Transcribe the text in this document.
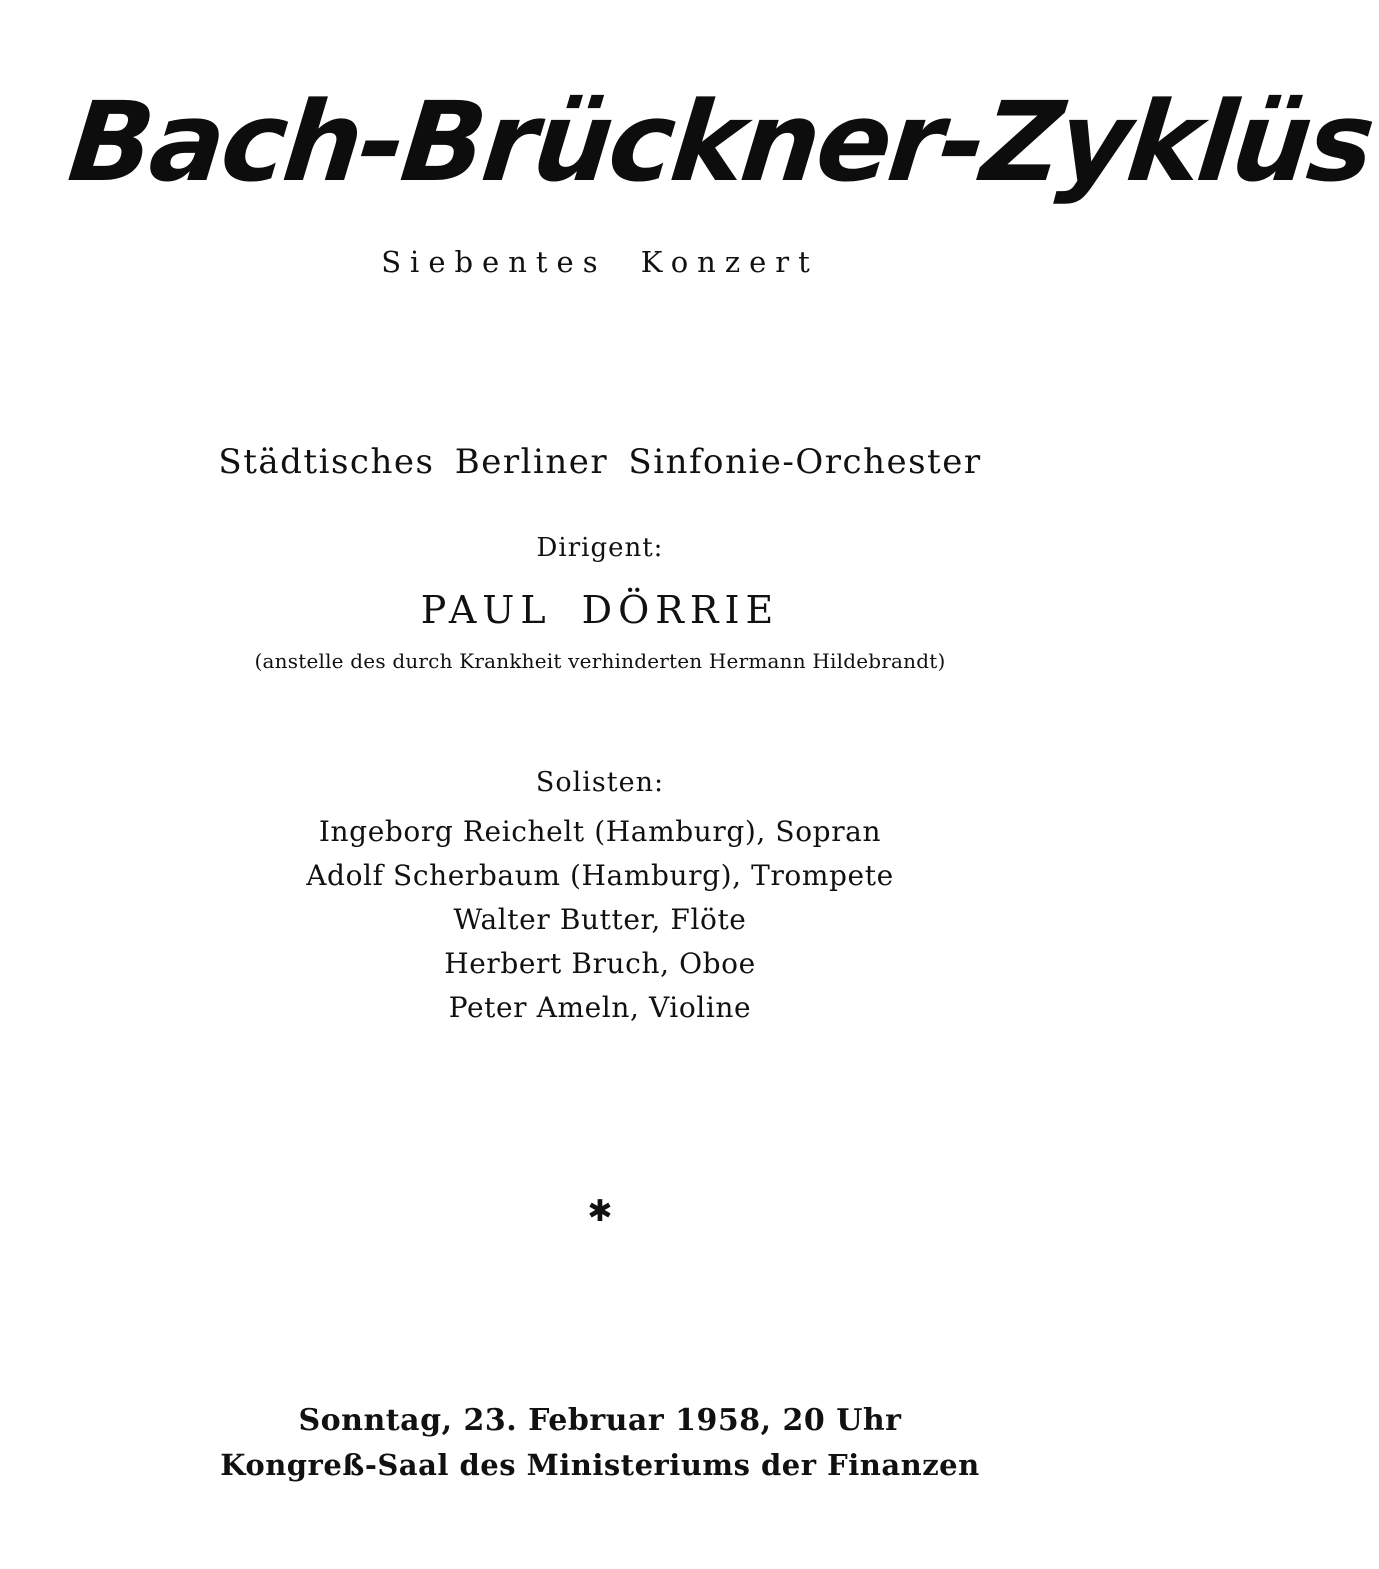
Bach-Brückner-Zyklüs
Siebentes Konzert
Städtisches Berliner Sinfonie-Orchester
Dirigent:
PAUL DÖRRIE
(anstelle des durch Krankheit verhinderten Hermann Hildebrandt)
Solisten:
Ingeborg Reichelt (Hamburg), Sopran
Adolf Scherbaum (Hamburg), Trompete
Walter Butter, Flöte
Herbert Bruch, Oboe
Peter Ameln, Violine
✱
Sonntag, 23. Februar 1958, 20 Uhr
Kongreß-Saal des Ministeriums der Finanzen
